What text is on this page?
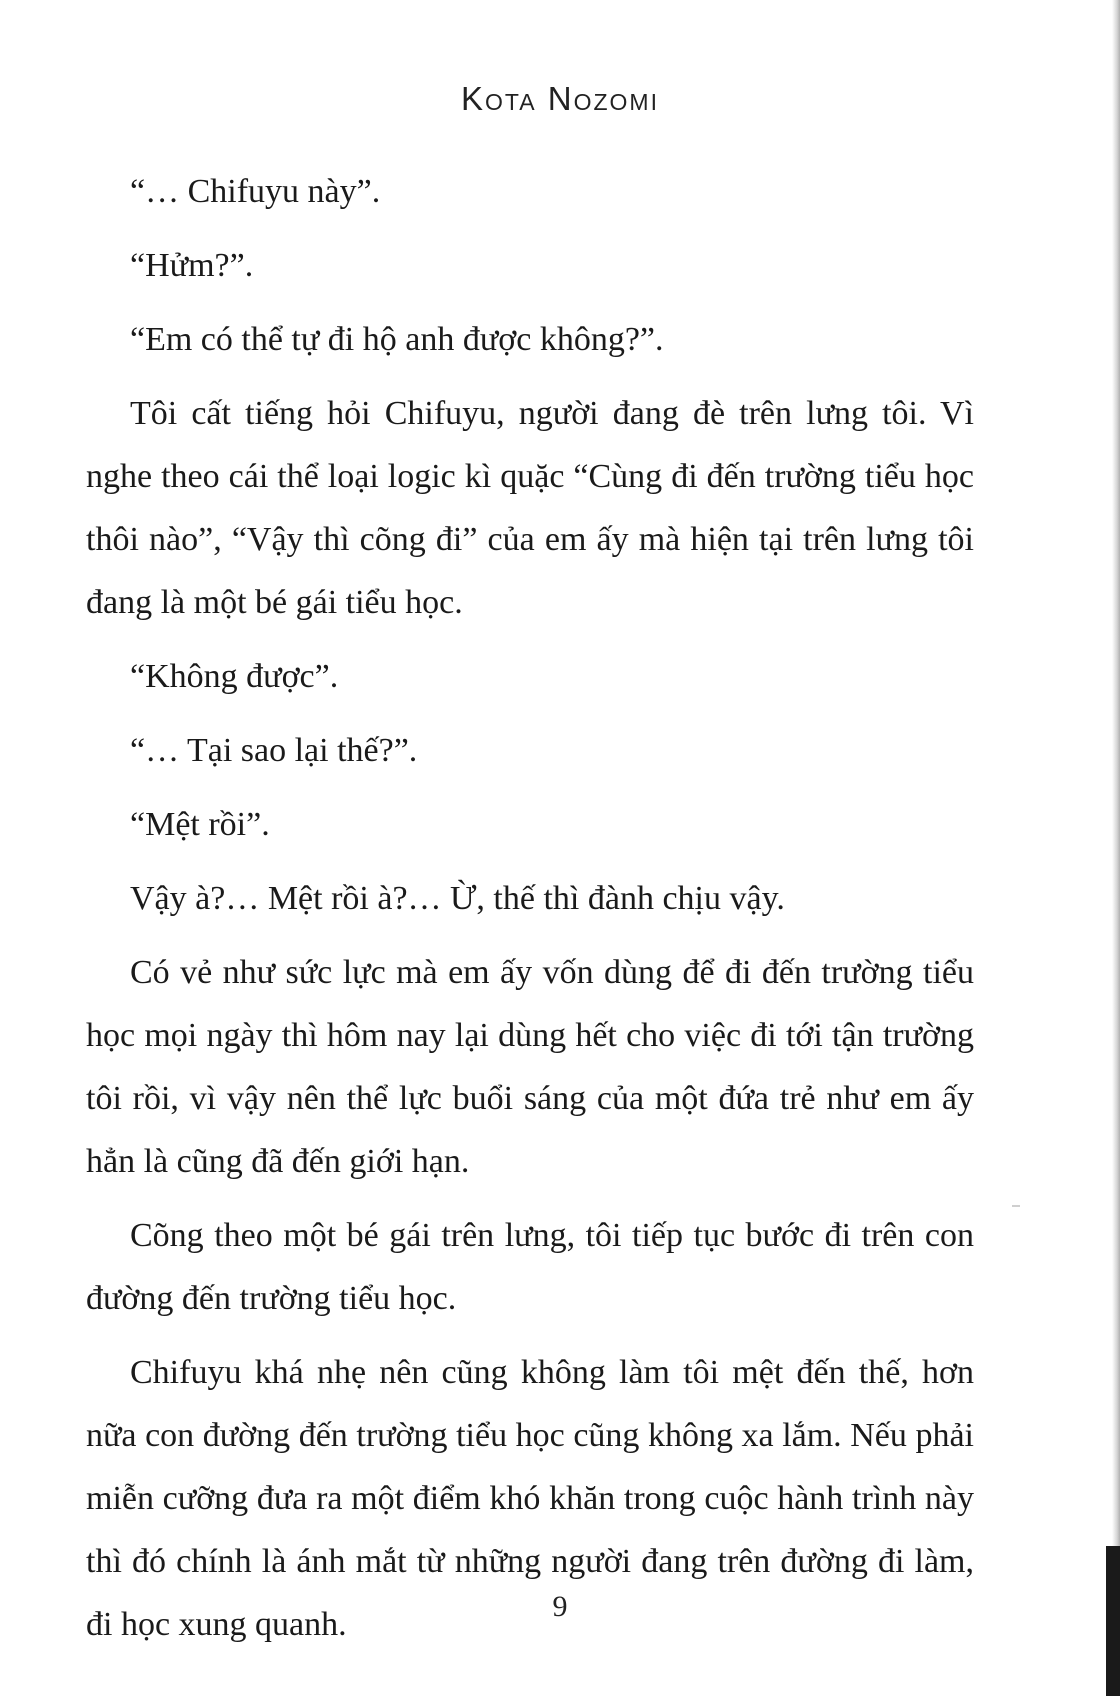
Kota Nozomi

“… Chifuyu này”.

“Hửm?”.

“Em có thể tự đi hộ anh được không?”.

Tôi cất tiếng hỏi Chifuyu, người đang đè trên lưng tôi. Vì nghe theo cái thể loại logic kì quặc “Cùng đi đến trường tiểu học thôi nào”, “Vậy thì cõng đi” của em ấy mà hiện tại trên lưng tôi đang là một bé gái tiểu học.

“Không được”.

“… Tại sao lại thế?”.

“Mệt rồi”.

Vậy à?… Mệt rồi à?… Ừ, thế thì đành chịu vậy.

Có vẻ như sức lực mà em ấy vốn dùng để đi đến trường tiểu học mọi ngày thì hôm nay lại dùng hết cho việc đi tới tận trường tôi rồi, vì vậy nên thể lực buổi sáng của một đứa trẻ như em ấy hẳn là cũng đã đến giới hạn.

Cõng theo một bé gái trên lưng, tôi tiếp tục bước đi trên con đường đến trường tiểu học.

Chifuyu khá nhẹ nên cũng không làm tôi mệt đến thế, hơn nữa con đường đến trường tiểu học cũng không xa lắm. Nếu phải miễn cưỡng đưa ra một điểm khó khăn trong cuộc hành trình này thì đó chính là ánh mắt từ những người đang trên đường đi làm, đi học xung quanh.	9
